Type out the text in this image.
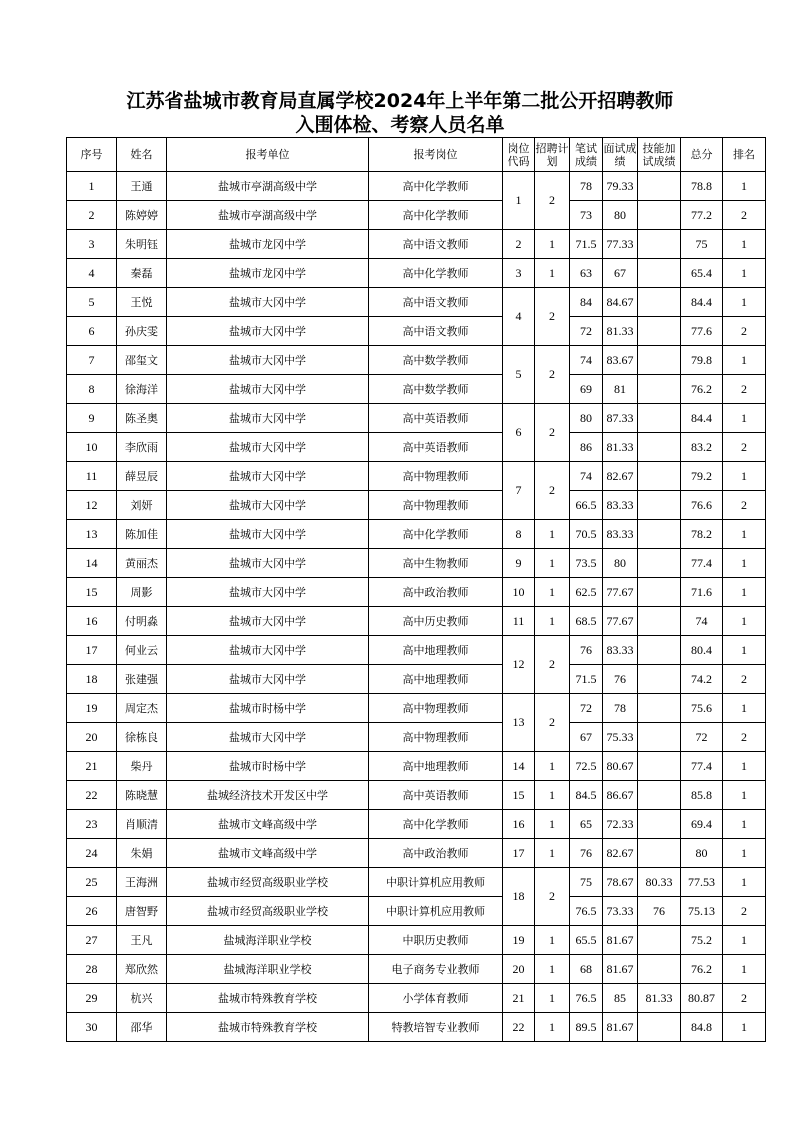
江苏省盐城市教育局直属学校2024年上半年第二批公开招聘教师
入围体检、考察人员名单
序号	姓名	报考单位	报考岗位	岗位代码	招聘计划	笔试成绩	面试成绩	技能加试成绩	总分	排名
1	王通	盐城市亭湖高级中学	高中化学教师	1	2	78	79.33		78.8	1
2	陈婷婷	盐城市亭湖高级中学	高中化学教师			73	80		77.2	2
3	朱明钰	盐城市龙冈中学	高中语文教师	2	1	71.5	77.33		75	1
4	秦磊	盐城市龙冈中学	高中化学教师	3	1	63	67		65.4	1
5	王悦	盐城市大冈中学	高中语文教师	4	2	84	84.67		84.4	1
6	孙庆雯	盐城市大冈中学	高中语文教师			72	81.33		77.6	2
7	邵玺文	盐城市大冈中学	高中数学教师	5	2	74	83.67		79.8	1
8	徐海洋	盐城市大冈中学	高中数学教师			69	81		76.2	2
9	陈圣奥	盐城市大冈中学	高中英语教师	6	2	80	87.33		84.4	1
10	李欣雨	盐城市大冈中学	高中英语教师			86	81.33		83.2	2
11	薛昱辰	盐城市大冈中学	高中物理教师	7	2	74	82.67		79.2	1
12	刘妍	盐城市大冈中学	高中物理教师			66.5	83.33		76.6	2
13	陈加佳	盐城市大冈中学	高中化学教师	8	1	70.5	83.33		78.2	1
14	黄丽杰	盐城市大冈中学	高中生物教师	9	1	73.5	80		77.4	1
15	周影	盐城市大冈中学	高中政治教师	10	1	62.5	77.67		71.6	1
16	付明淼	盐城市大冈中学	高中历史教师	11	1	68.5	77.67		74	1
17	何业云	盐城市大冈中学	高中地理教师	12	2	76	83.33		80.4	1
18	张建强	盐城市大冈中学	高中地理教师			71.5	76		74.2	2
19	周定杰	盐城市时杨中学	高中物理教师	13	2	72	78		75.6	1
20	徐栋良	盐城市大冈中学	高中物理教师			67	75.33		72	2
21	柴丹	盐城市时杨中学	高中地理教师	14	1	72.5	80.67		77.4	1
22	陈晓慧	盐城经济技术开发区中学	高中英语教师	15	1	84.5	86.67		85.8	1
23	肖顺清	盐城市文峰高级中学	高中化学教师	16	1	65	72.33		69.4	1
24	朱娟	盐城市文峰高级中学	高中政治教师	17	1	76	82.67		80	1
25	王海洲	盐城市经贸高级职业学校	中职计算机应用教师	18	2	75	78.67	80.33	77.53	1
26	唐智野	盐城市经贸高级职业学校	中职计算机应用教师			76.5	73.33	76	75.13	2
27	王凡	盐城海洋职业学校	中职历史教师	19	1	65.5	81.67		75.2	1
28	郑欣然	盐城海洋职业学校	电子商务专业教师	20	1	68	81.67		76.2	1
29	杭兴	盐城市特殊教育学校	小学体育教师	21	1	76.5	85	81.33	80.87	2
30	邵华	盐城市特殊教育学校	特教培智专业教师	22	1	89.5	81.67		84.8	1
